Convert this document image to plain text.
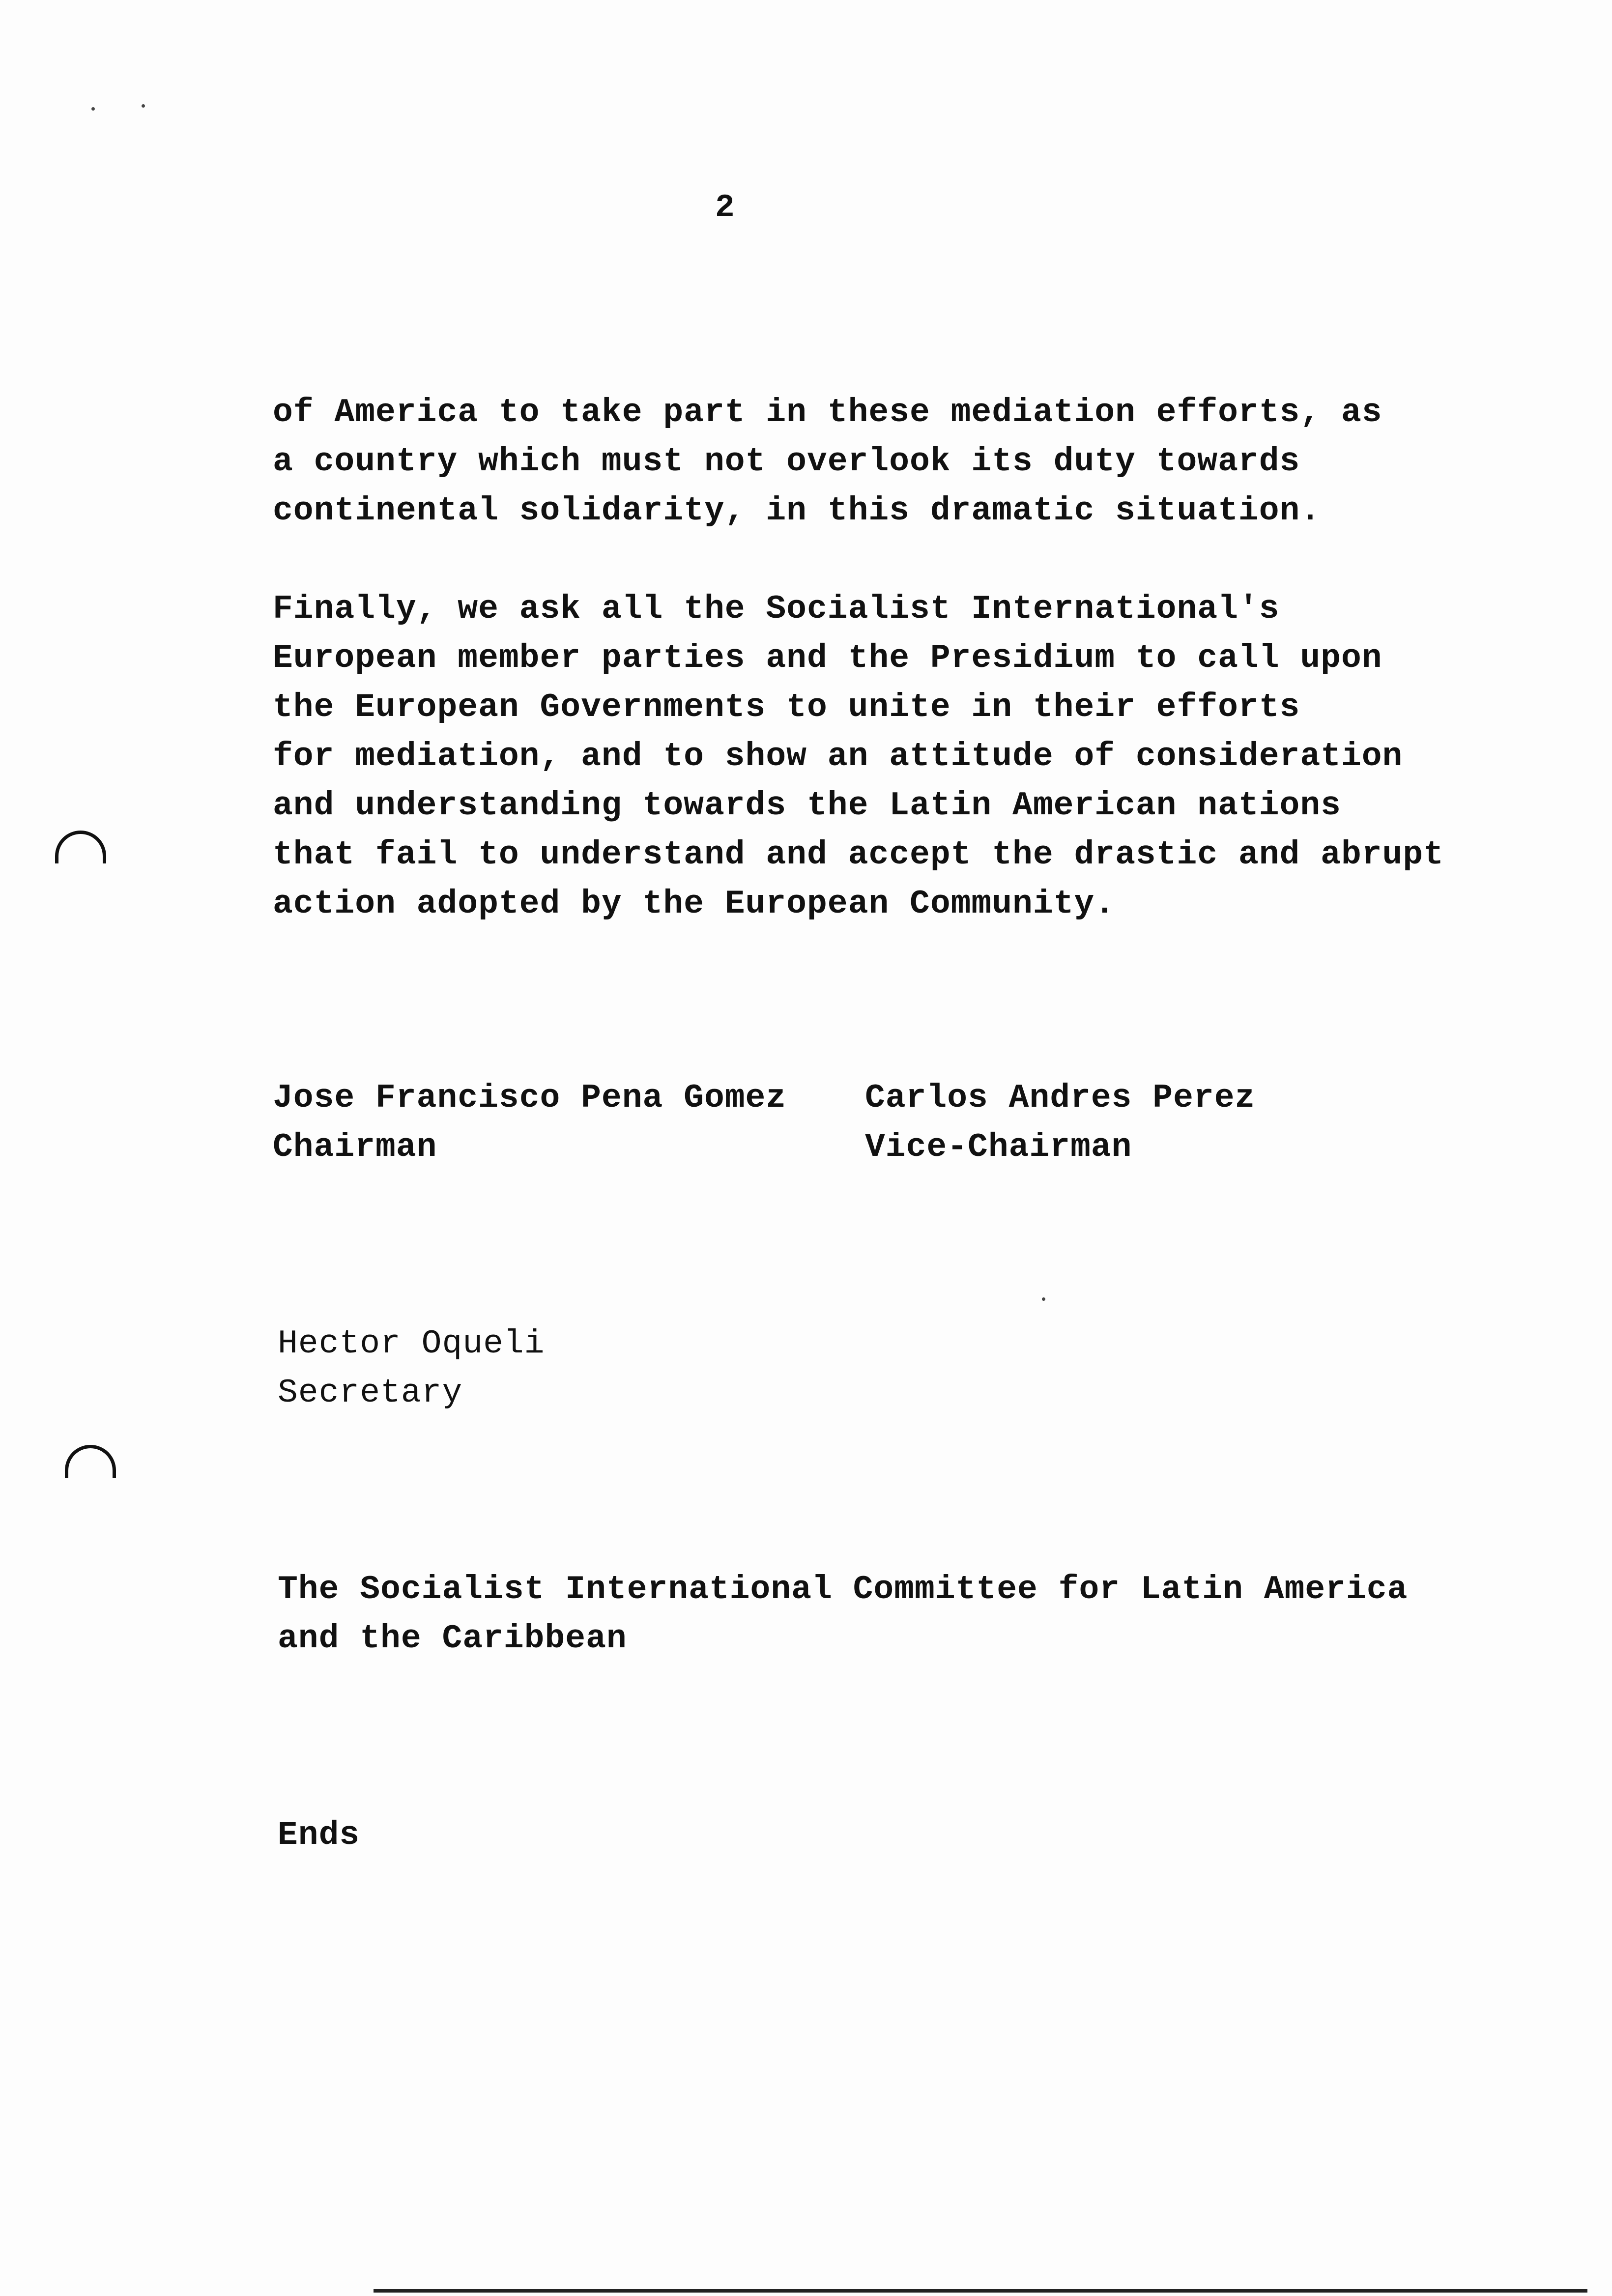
2
of America to take part in these mediation efforts, as
a country which must not overlook its duty towards
continental solidarity, in this dramatic situation.
Finally, we ask all the Socialist International's
European member parties and the Presidium to call upon
the European Governments to unite in their efforts
for mediation, and to show an attitude of consideration
and understanding towards the Latin American nations
that fail to understand and accept the drastic and abrupt
action adopted by the European Community.
Jose Francisco Pena Gomez
Chairman
Carlos Andres Perez
Vice-Chairman
Hector Oqueli
Secretary
The Socialist International Committee for Latin America
and the Caribbean
Ends
